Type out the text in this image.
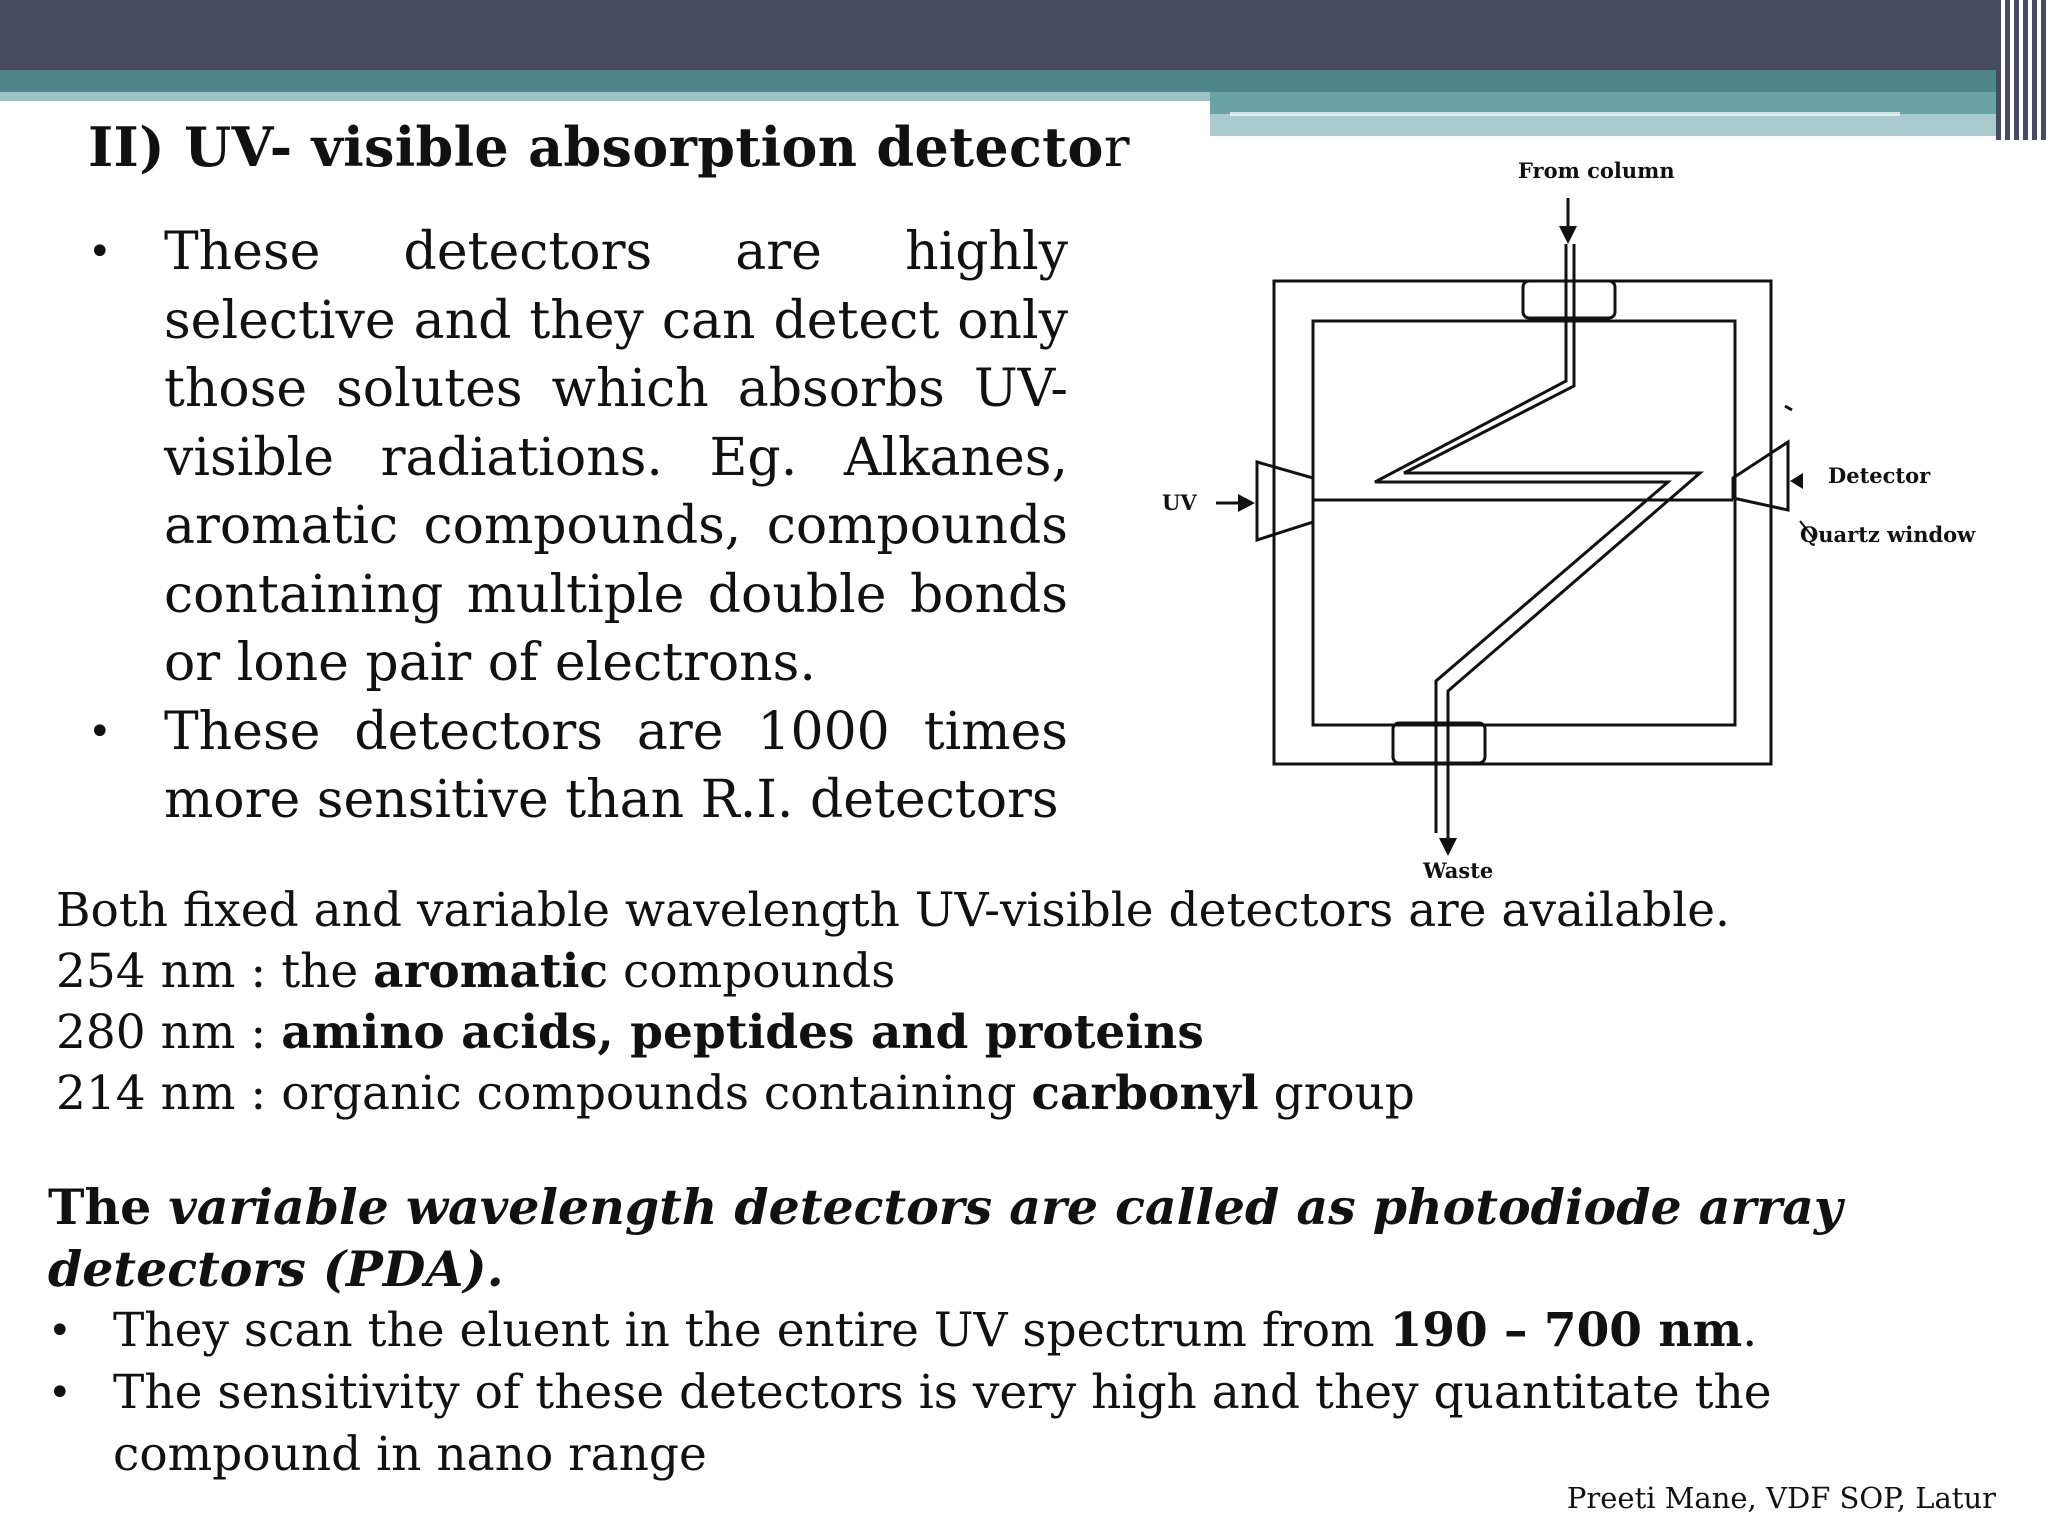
II) UV- visible absorption detector
• These detectors are highly selective and they can detect only those solutes which absorbs UV-visible radiations. Eg. Alkanes, aromatic compounds, compounds containing multiple double bonds or lone pair of electrons.
• These detectors are 1000 times more sensitive than R.I. detectors
From column
UV
Detector
Quartz window
Waste
Both fixed and variable wavelength UV-visible detectors are available.
254 nm : the aromatic compounds
280 nm : amino acids, peptides and proteins
214 nm : organic compounds containing carbonyl group
The variable wavelength detectors are called as photodiode array detectors (PDA).
• They scan the eluent in the entire UV spectrum from 190 – 700 nm.
• The sensitivity of these detectors is very high and they quantitate the compound in nano range
Preeti Mane, VDF SOP, Latur
